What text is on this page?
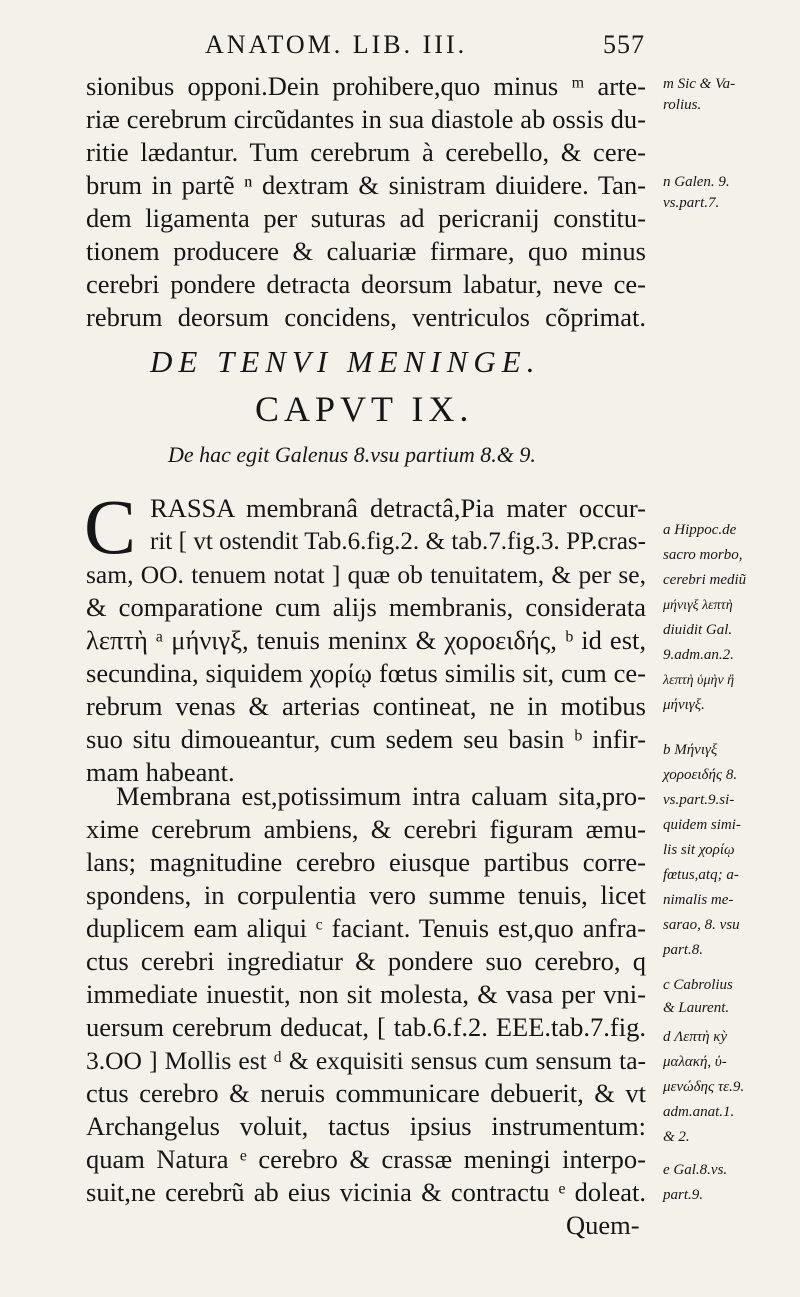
ANATOM. LIB. III.	557

sionibus opponi.Dein prohibere,quo minus ᵐ arte-

riæ cerebrum circũdantes in sua diastole ab ossis du-

ritie lædantur. Tum cerebrum à cerebello, & cere-

brum in partẽ ⁿ dextram & sinistram diuidere. Tan-

dem ligamenta per suturas ad pericranij constitu-

tionem producere & caluariæ firmare, quo minus

cerebri pondere detracta deorsum labatur, neve ce-

rebrum deorsum concidens, ventriculos cõprimat.

DE TENVI MENINGE.
CAPVT IX.
De hac egit Galenus 8.vsu partium 8.& 9.
C RASSA membranâ detractâ,Pia mater occur-

rit [ vt ostendit Tab.6.fig.2. & tab.7.fig.3. PP.cras-

sam, OO. tenuem notat ] quæ ob tenuitatem, & per se,

& comparatione cum alijs membranis, considerata

λεπτὴ ᵃ μήνιγξ, tenuis meninx & χοροειδής, ᵇ id est,

secundina, siquidem χορίῳ fœtus similis sit, cum ce-

rebrum venas & arterias contineat, ne in motibus

suo situ dimoueantur, cum sedem seu basin ᵇ infir-

mam habeant.

Membrana est,potissimum intra caluam sita,pro-

xime cerebrum ambiens, & cerebri figuram æmu-

lans; magnitudine cerebro eiusque partibus corre-

spondens, in corpulentia vero summe tenuis, licet

duplicem eam aliqui ᶜ faciant. Tenuis est,quo anfra-

ctus cerebri ingrediatur & pondere suo cerebro, q

immediate inuestit, non sit molesta, & vasa per vni-

uersum cerebrum deducat, [ tab.6.f.2. EEE.tab.7.fig.

3.OO ] Mollis est ᵈ & exquisiti sensus cum sensum ta-

ctus cerebro & neruis communicare debuerit, & vt

Archangelus voluit, tactus ipsius instrumentum:

quam Natura ᵉ cerebro & crassæ meningi interpo-

suit,ne cerebrũ ab eius vicinia & contractu ᵉ doleat.

Quem-

m Sic & Va-

rolius.

n Galen. 9.

vs.part.7.

a Hippoc.de

sacro morbo,

cerebri mediũ

μήνιγξ λεπτὴ

diuidit Gal.

9.adm.an.2.

λεπτὴ ὑμὴν ἢ

μήνιγξ.

b Μήνιγξ

χοροειδής 8.

vs.part.9.si-

quidem simi-

lis sit χορίῳ

fœtus,atq; a-

nimalis me-

sarao, 8. vsu

part.8.

c Cabrolius

& Laurent.

d Λεπτὴ κỳ

μαλακή, ὑ-

μενώδης τε.9.

adm.anat.1.

& 2.

e Gal.8.vs.

part.9.
